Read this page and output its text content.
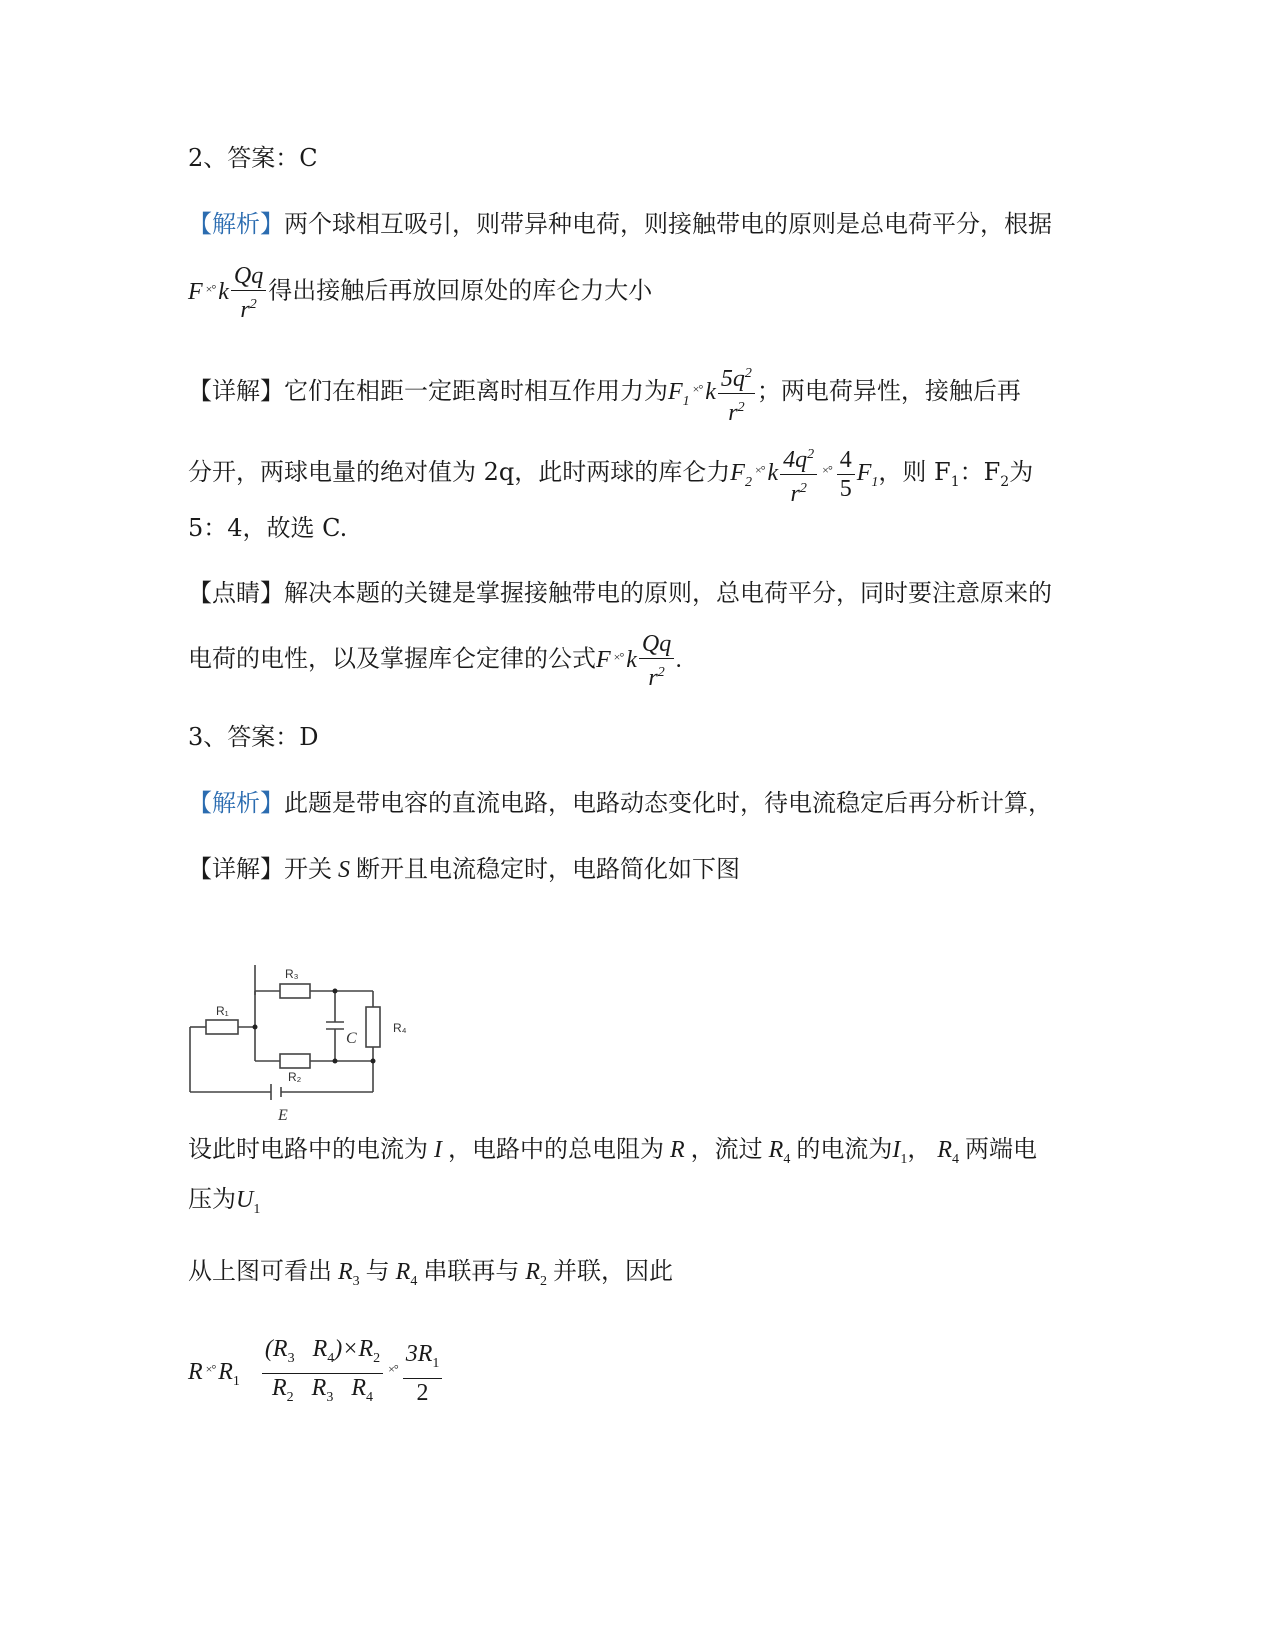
2、答案：C
【解析】两个球相互吸引，则带异种电荷，则接触带电的原则是总电荷平分，根据
F ×° k $\frac{Qq}{r^2}$ 得出接触后再放回原处的库仑力大小
【详解】它们在相距一定距离时相互作用力为$F_1^{\times^\circ}$ k $\frac{5q^2}{r^2}$ ；两电荷异性，接触后再
分开，两球电量的绝对值为 2q，此时两球的库仑力$F_2^{\times^\circ}$ k $\frac{4q^2}{r^2} ^{\times^\circ} \frac{4}{5} F_1$，则 $F_1$：$F_2$为
5：4，故选 C.
【点睛】解决本题的关键是掌握接触带电的原则，总电荷平分，同时要注意原来的
电荷的电性，以及掌握库仑定律的公式F ×° k $\frac{Qq}{r^2}$ .
3、答案：D
【解析】此题是带电容的直流电路，电路动态变化时，待电流稳定后再分析计算，
【详解】开关 S 断开且电流稳定时，电路简化如下图
R₃
R₁
R₂
R₄
C
E
设此时电路中的电流为 I ，电路中的总电阻为 R ，流过 $R_4$ 的电流为$I_1$， $R_4$ 两端电
压为$U_1$
从上图可看出 $R_3$ 与 $R_4$ 串联再与 $R_2$ 并联，因此
R ×° $R_1 \frac{(R_3 R_4)\times R_2}{R_2 R_3 R_4} ^{\times^\circ} \frac{3R_1}{2}$
